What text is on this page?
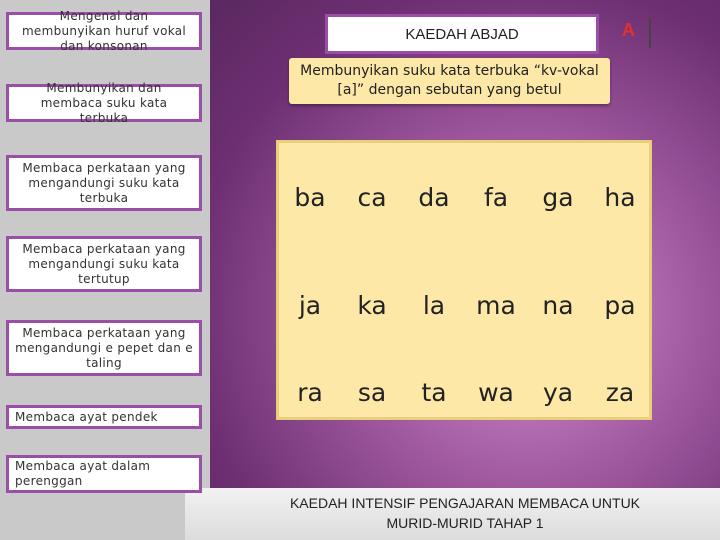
Mengenal dan membunyikan huruf vokal dan konsonan
Membunyikan dan membaca suku kata terbuka
Membaca perkataan yang mengandungi suku kata terbuka
Membaca perkataan yang mengandungi suku kata tertutup
Membaca perkataan yang mengandungi e pepet dan e taling
Membaca ayat pendek
Membaca ayat dalam perenggan
KAEDAH ABJAD	A
Membunyikan suku kata terbuka “kv-vokal [a]” dengan sebutan yang betul
ba	ca	da	fa	ga	ha
ja	ka	la	ma	na	pa
ra	sa	ta	wa	ya	za
KAEDAH INTENSIF PENGAJARAN MEMBACA UNTUK
MURID-MURID TAHAP 1
